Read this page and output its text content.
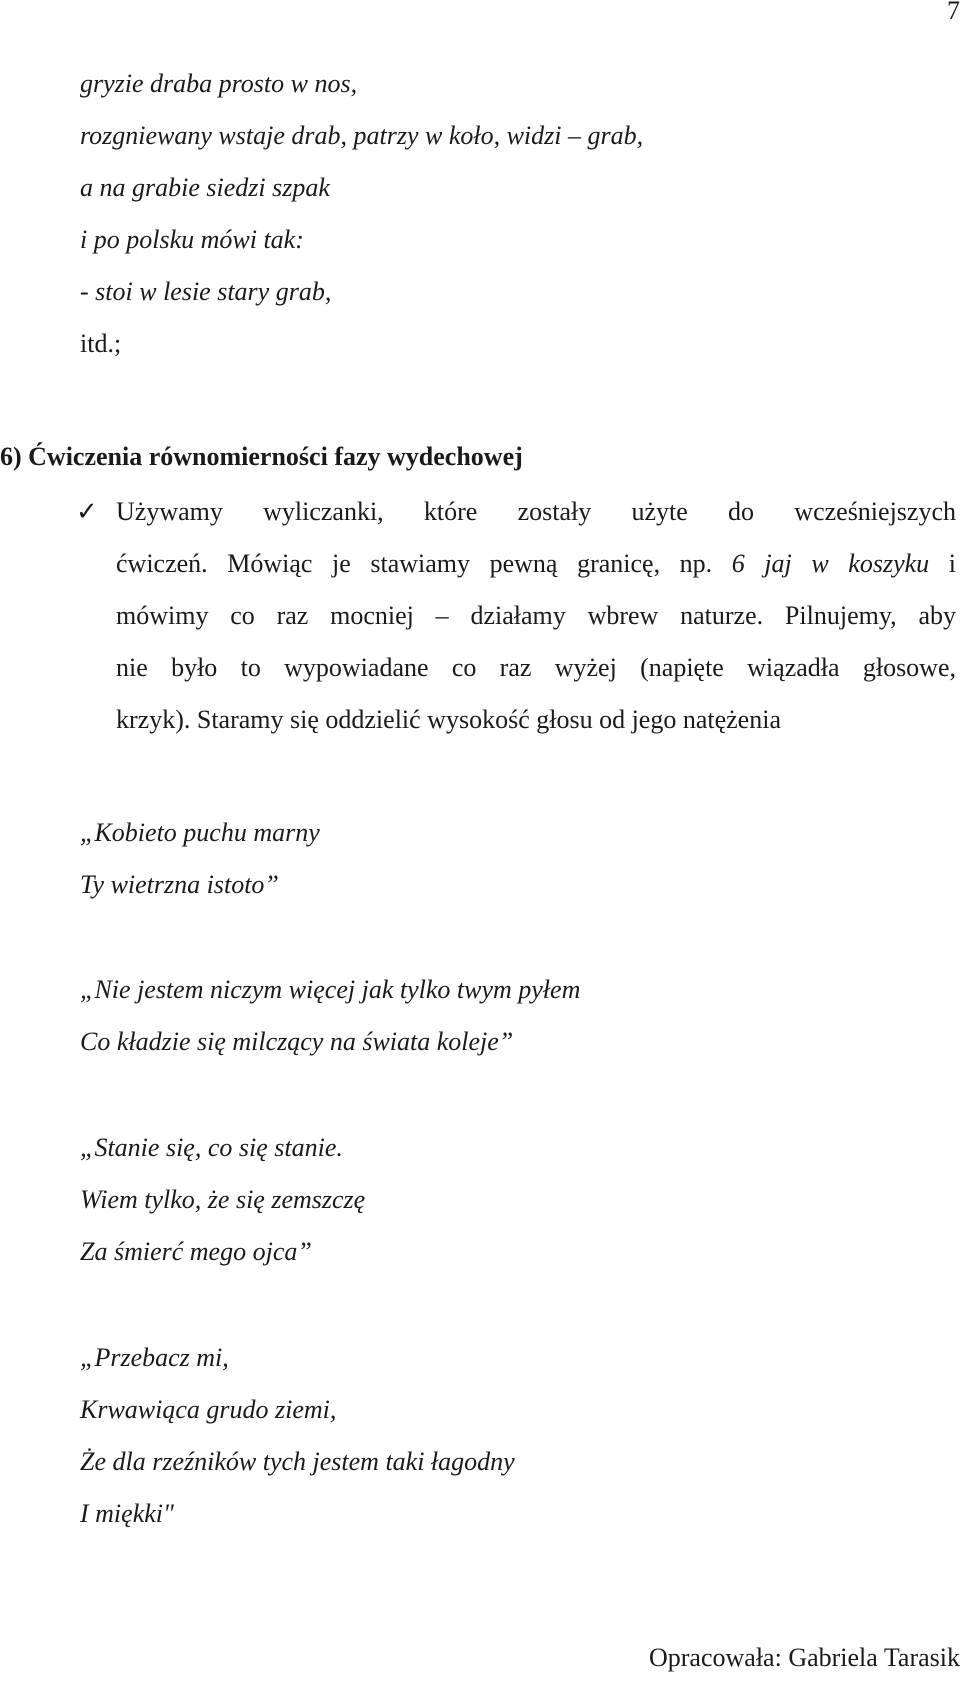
7
gryzie draba prosto w nos,
rozgniewany wstaje drab, patrzy w koło, widzi – grab,
a na grabie siedzi szpak
i po polsku mówi tak:
- stoi w lesie stary grab,
itd.;
6) Ćwiczenia równomierności fazy wydechowej
✓ Używamy wyliczanki, które zostały użyte do wcześniejszych
ćwiczeń. Mówiąc je stawiamy pewną granicę, np. 6 jaj w koszyku i
mówimy co raz mocniej – działamy wbrew naturze. Pilnujemy, aby
nie było to wypowiadane co raz wyżej (napięte wiązadła głosowe,
krzyk). Staramy się oddzielić wysokość głosu od jego natężenia
„Kobieto puchu marny
Ty wietrzna istoto”
„Nie jestem niczym więcej jak tylko twym pyłem
Co kładzie się milczący na świata koleje”
„Stanie się, co się stanie.
Wiem tylko, że się zemszczę
Za śmierć mego ojca”
„Przebacz mi,
Krwawiąca grudo ziemi,
Że dla rzeźników tych jestem taki łagodny
I miękki"
Opracowała: Gabriela Tarasik
